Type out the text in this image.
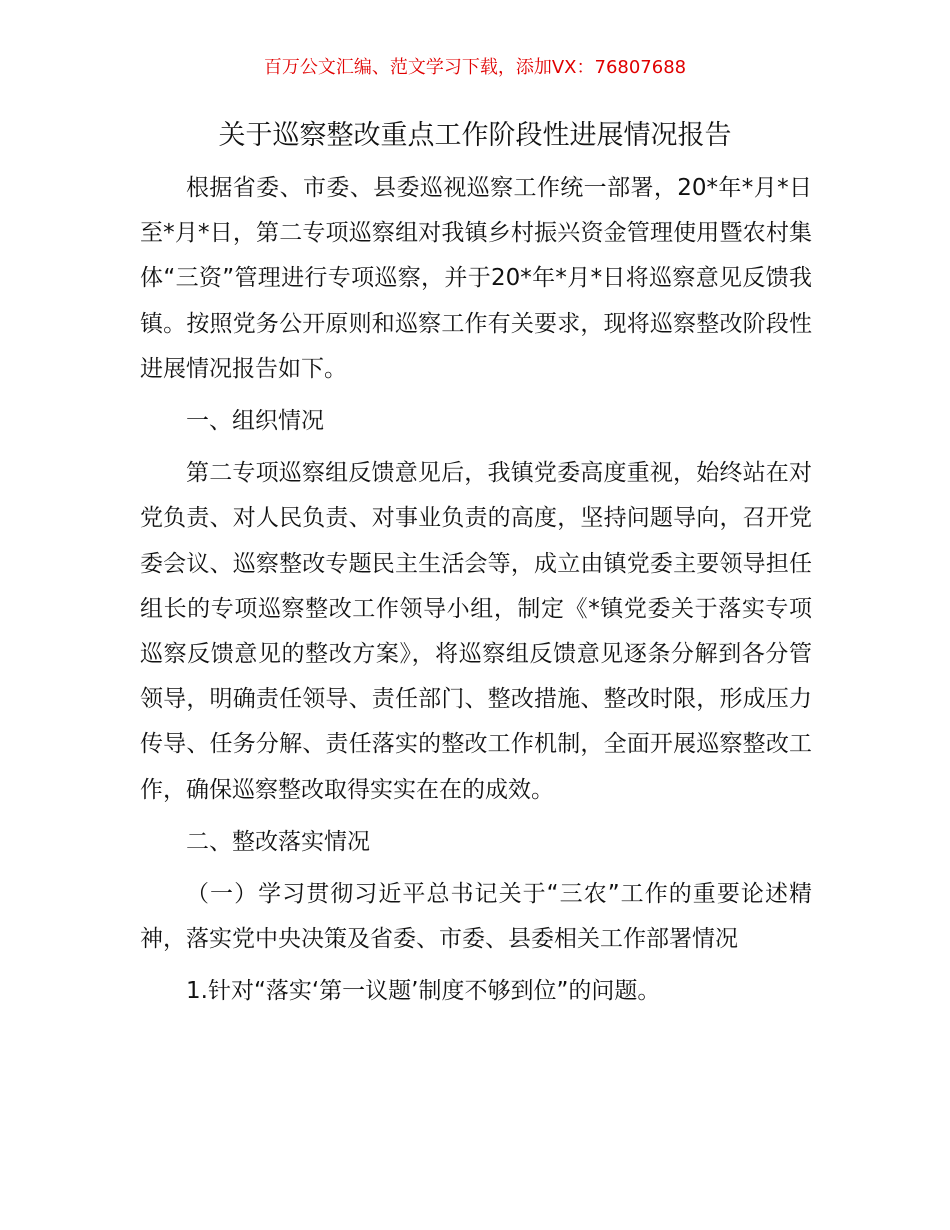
百万公文汇编、范文学习下载，添加VX：76807688
关于巡察整改重点工作阶段性进展情况报告

根据省委、市委、县委巡视巡察工作统一部署，20*年*月*日至*月*日，第二专项巡察组对我镇乡村振兴资金管理使用暨农村集体“三资”管理进行专项巡察，并于20*年*月*日将巡察意见反馈我镇。按照党务公开原则和巡察工作有关要求，现将巡察整改阶段性进展情况报告如下。

一、组织情况

第二专项巡察组反馈意见后，我镇党委高度重视，始终站在对党负责、对人民负责、对事业负责的高度，坚持问题导向，召开党委会议、巡察整改专题民主生活会等，成立由镇党委主要领导担任组长的专项巡察整改工作领导小组，制定《*镇党委关于落实专项巡察反馈意见的整改方案》，将巡察组反馈意见逐条分解到各分管领导，明确责任领导、责任部门、整改措施、整改时限，形成压力传导、任务分解、责任落实的整改工作机制，全面开展巡察整改工作，确保巡察整改取得实实在在的成效。

二、整改落实情况

（一）学习贯彻习近平总书记关于“三农”工作的重要论述精神，落实党中央决策及省委、市委、县委相关工作部署情况

1.针对“落实‘第一议题’制度不够到位”的问题。
